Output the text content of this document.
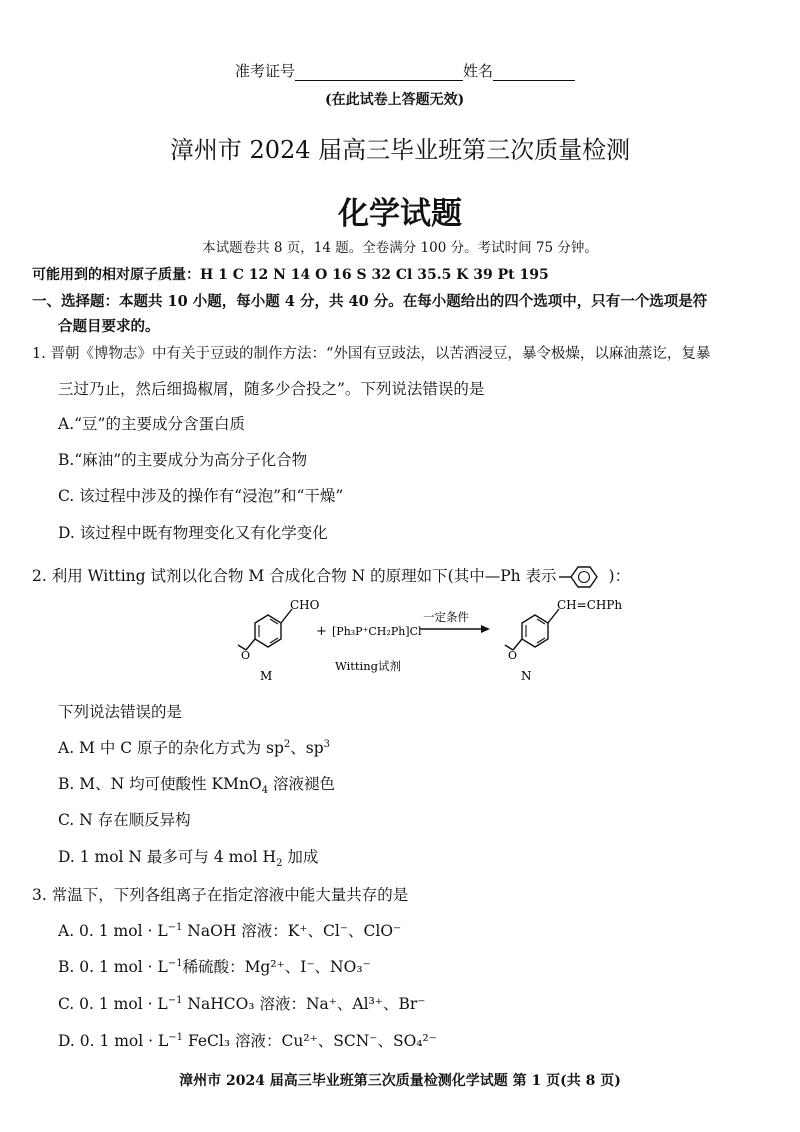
准考证号	姓名
(在此试卷上答题无效)
漳州市 2024 届高三毕业班第三次质量检测
化学试题
本试题卷共 8 页，14 题。全卷满分 100 分。考试时间 75 分钟。
可能用到的相对原子质量：H 1 C 12 N 14 O 16 S 32 Cl 35.5 K 39 Pt 195
一、选择题：本题共 10 小题，每小题 4 分，共 40 分。在每小题给出的四个选项中，只有一个选项是符
合题目要求的。
1. 晋朝《博物志》中有关于豆豉的制作方法：“外国有豆豉法，以苦酒浸豆，暴令极燥，以麻油蒸讫，复暴
三过乃止，然后细捣椒屑，随多少合投之”。下列说法错误的是
A.“豆”的主要成分含蛋白质
B.“麻油”的主要成分为高分子化合物
C. 该过程中涉及的操作有“浸泡”和“干燥”
D. 该过程中既有物理变化又有化学变化
2. 利用 Witting 试剂以化合物 M 合成化合物 N 的原理如下(其中—Ph 表示	)：
O
CHO
+ [Ph₃P⁺CH₂Ph]Cl⁻
一定条件
O
CH=CHPh
M
Witting试剂
N
下列说法错误的是
A. M 中 C 原子的杂化方式为 $sp^2$、$sp^3$
B. M、N 均可使酸性 KMnO$_4$ 溶液褪色
C. N 存在顺反异构
D. 1 mol N 最多可与 4 mol $H_2$ 加成
3. 常温下，下列各组离子在指定溶液中能大量共存的是
A. 0. 1 mol · $L^{-1}$ NaOH 溶液：K⁺、Cl⁻、ClO⁻
B. 0. 1 mol · $L^{-1}$稀硫酸：Mg²⁺、I⁻、NO₃⁻
C. 0. 1 mol · $L^{-1}$ NaHCO₃ 溶液：Na⁺、Al³⁺、Br⁻
D. 0. 1 mol · $L^{-1}$ FeCl₃ 溶液：Cu²⁺、SCN⁻、SO₄²⁻
漳州市 2024 届高三毕业班第三次质量检测化学试题 第 1 页(共 8 页)
